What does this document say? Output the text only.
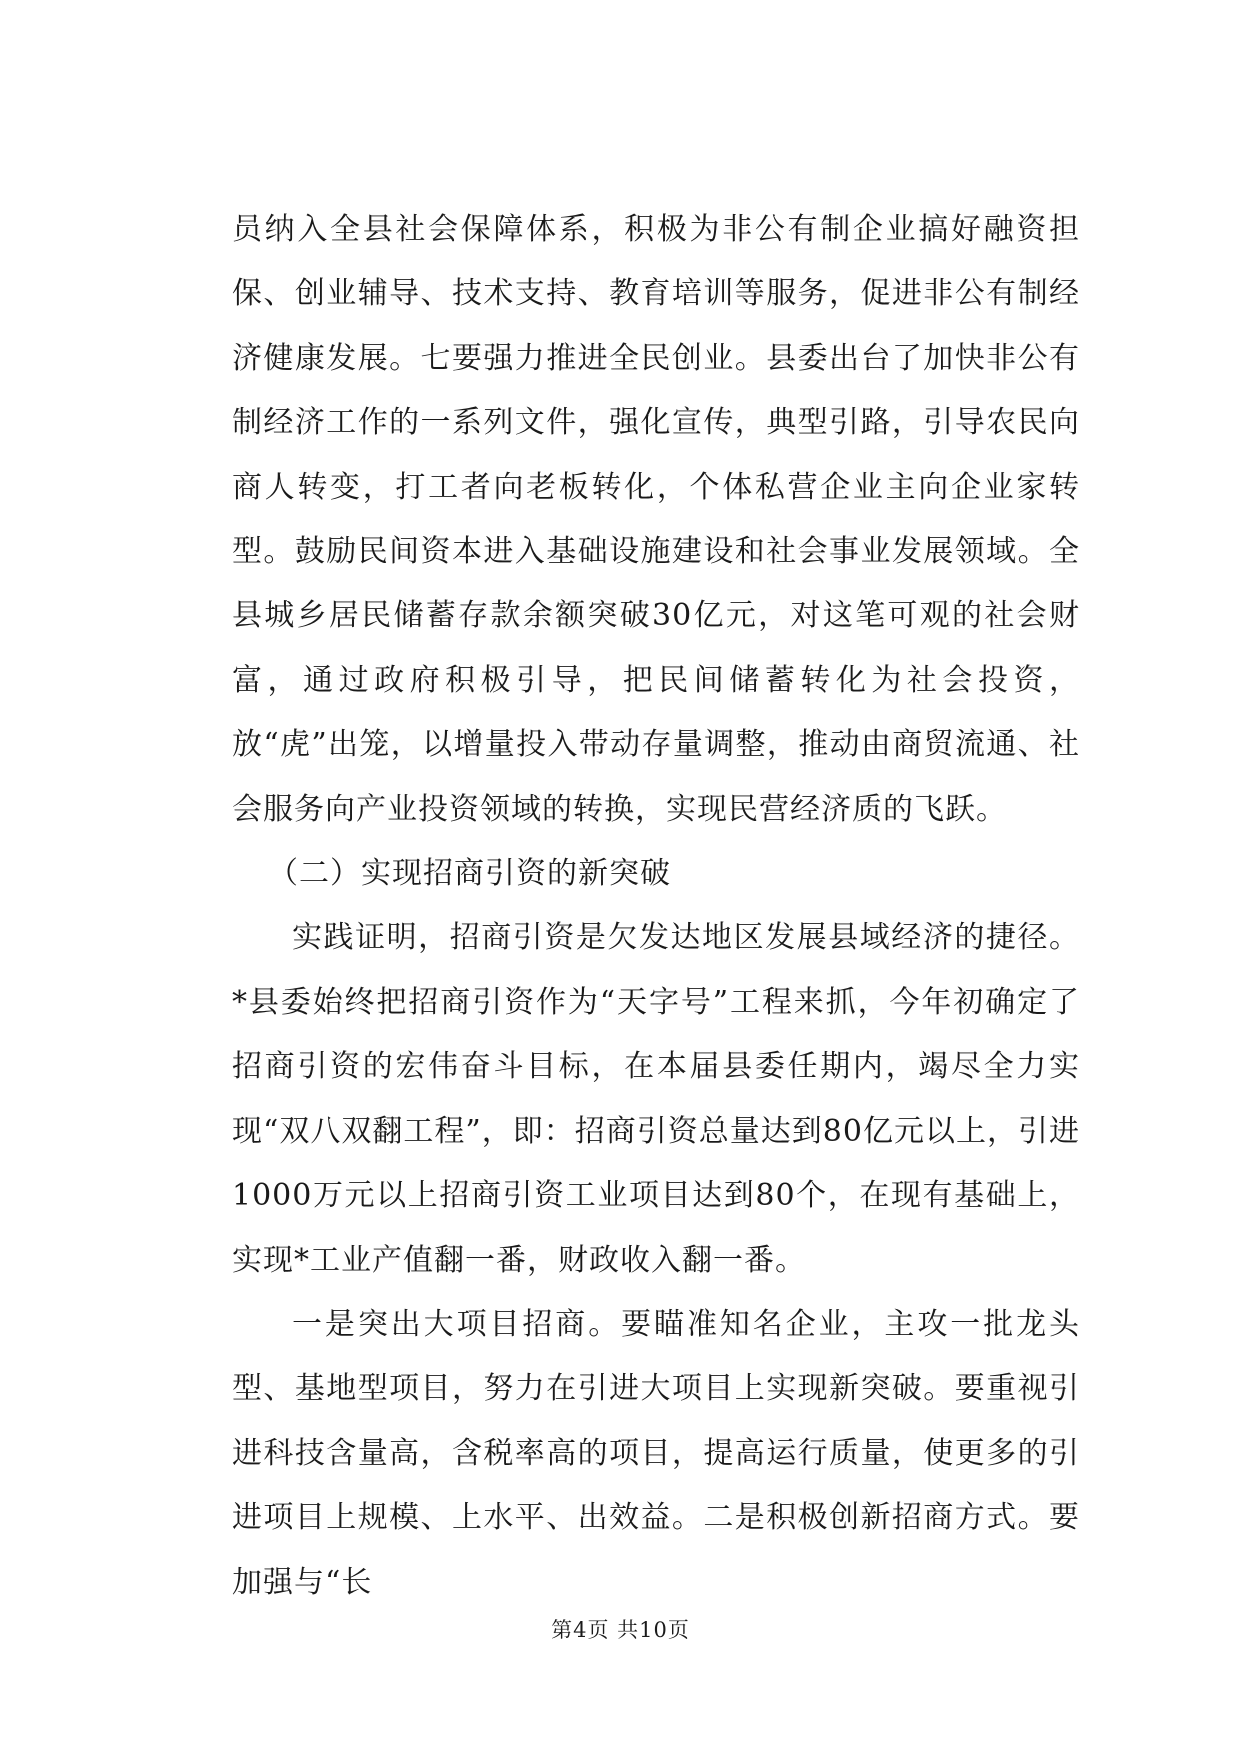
员纳入全县社会保障体系，积极为非公有制企业搞好融资担保、创业辅导、技术支持、教育培训等服务，促进非公有制经济健康发展。七要强力推进全民创业。县委出台了加快非公有制经济工作的一系列文件，强化宣传，典型引路，引导农民向商人转变，打工者向老板转化，个体私营企业主向企业家转型。鼓励民间资本进入基础设施建设和社会事业发展领域。全县城乡居民储蓄存款余额突破30亿元，对这笔可观的社会财富，通过政府积极引导，把民间储蓄转化为社会投资，放“虎”出笼，以增量投入带动存量调整，推动由商贸流通、社会服务向产业投资领域的转换，实现民营经济质的飞跃。

（二）实现招商引资的新突破

实践证明，招商引资是欠发达地区发展县域经济的捷径。*县委始终把招商引资作为“天字号”工程来抓，今年初确定了招商引资的宏伟奋斗目标，在本届县委任期内，竭尽全力实现“双八双翻工程”，即：招商引资总量达到80亿元以上，引进1000万元以上招商引资工业项目达到80个，在现有基础上，实现*工业产值翻一番，财政收入翻一番。

一是突出大项目招商。要瞄准知名企业，主攻一批龙头型、基地型项目，努力在引进大项目上实现新突破。要重视引进科技含量高，含税率高的项目，提高运行质量，使更多的引进项目上规模、上水平、出效益。二是积极创新招商方式。要加强与“长

第4页 共10页
